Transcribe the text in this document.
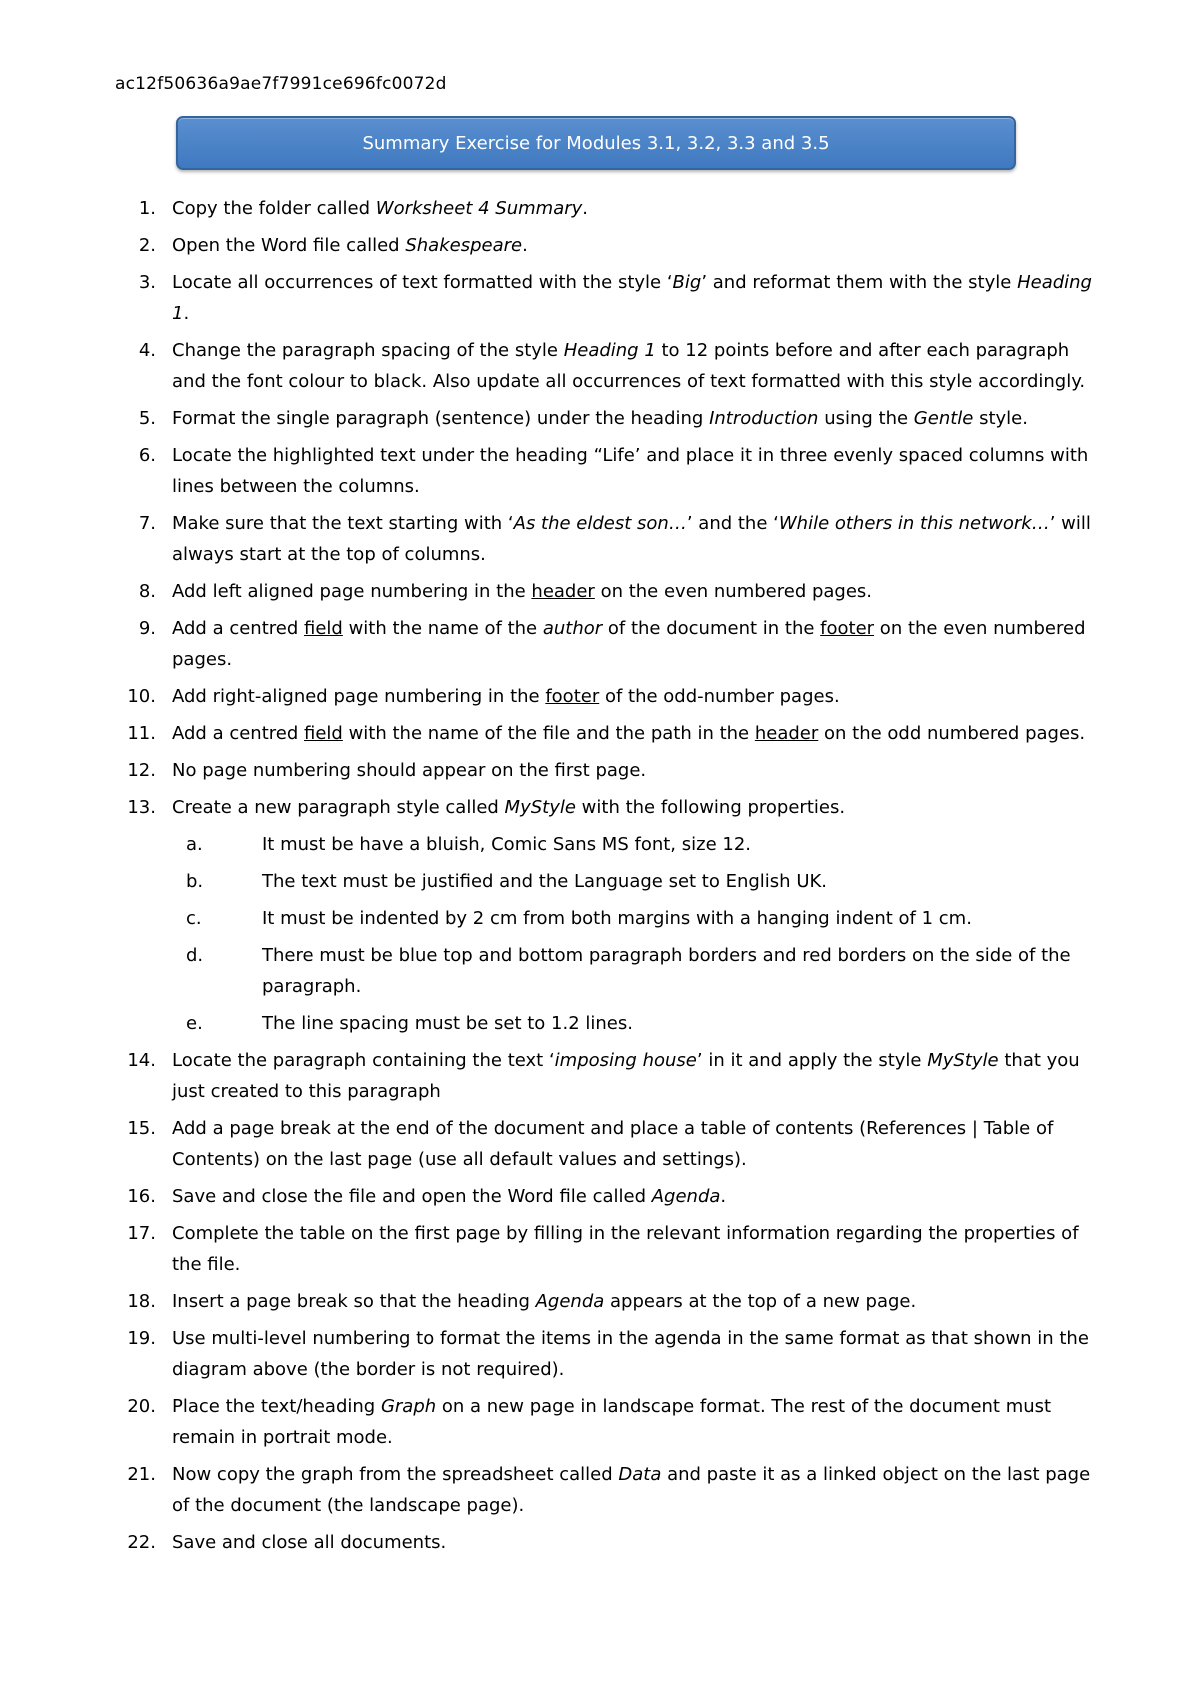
ac12f50636a9ae7f7991ce696fc0072d
Summary Exercise for Modules 3.1, 3.2, 3.3 and 3.5
1. Copy the folder called Worksheet 4 Summary.
2. Open the Word file called Shakespeare.
3. Locate all occurrences of text formatted with the style ‘Big’ and reformat them with the style Heading 1.
4. Change the paragraph spacing of the style Heading 1 to 12 points before and after each paragraph and the font colour to black. Also update all occurrences of text formatted with this style accordingly.
5. Format the single paragraph (sentence) under the heading Introduction using the Gentle style.
6. Locate the highlighted text under the heading “Life’ and place it in three evenly spaced columns with lines between the columns.
7. Make sure that the text starting with ‘As the eldest son…’ and the ‘While others in this network…’ will always start at the top of columns.
8. Add left aligned page numbering in the header on the even numbered pages.
9. Add a centred field with the name of the author of the document in the footer on the even numbered pages.
10. Add right-aligned page numbering in the footer of the odd-number pages.
11. Add a centred field with the name of the file and the path in the header on the odd numbered pages.
12. No page numbering should appear on the first page.
13. Create a new paragraph style called MyStyle with the following properties.
a.	It must be have a bluish, Comic Sans MS font, size 12.
b.	The text must be justified and the Language set to English UK.
c.	It must be indented by 2 cm from both margins with a hanging indent of 1 cm.
d.	There must be blue top and bottom paragraph borders and red borders on the side of the paragraph.
e.	The line spacing must be set to 1.2 lines.
14. Locate the paragraph containing the text ‘imposing house’ in it and apply the style MyStyle that you just created to this paragraph
15. Add a page break at the end of the document and place a table of contents (References | Table of Contents) on the last page (use all default values and settings).
16. Save and close the file and open the Word file called Agenda.
17. Complete the table on the first page by filling in the relevant information regarding the properties of the file.
18. Insert a page break so that the heading Agenda appears at the top of a new page.
19. Use multi-level numbering to format the items in the agenda in the same format as that shown in the diagram above (the border is not required).
20. Place the text/heading Graph on a new page in landscape format. The rest of the document must remain in portrait mode.
21. Now copy the graph from the spreadsheet called Data and paste it as a linked object on the last page of the document (the landscape page).
22. Save and close all documents.
